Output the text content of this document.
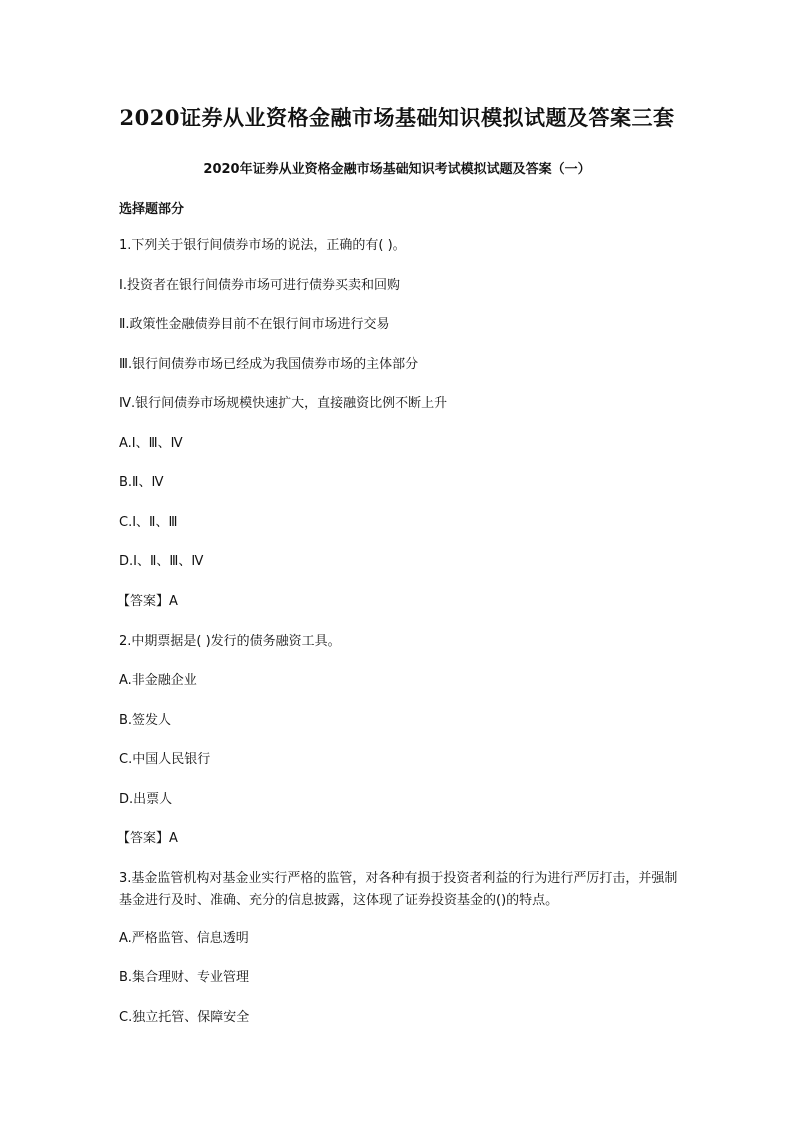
2020证券从业资格金融市场基础知识模拟试题及答案三套
2020年证券从业资格金融市场基础知识考试模拟试题及答案（一）
选择题部分

1.下列关于银行间债券市场的说法，正确的有( )。

Ⅰ.投资者在银行间债券市场可进行债券买卖和回购

Ⅱ.政策性金融债券目前不在银行间市场进行交易

Ⅲ.银行间债券市场已经成为我国债券市场的主体部分

Ⅳ.银行间债券市场规模快速扩大，直接融资比例不断上升

A.Ⅰ、Ⅲ、Ⅳ

B.Ⅱ、Ⅳ

C.Ⅰ、Ⅱ、Ⅲ

D.Ⅰ、Ⅱ、Ⅲ、Ⅳ

【答案】A

2.中期票据是( )发行的债务融资工具。

A.非金融企业

B.签发人

C.中国人民银行

D.出票人

【答案】A

3.基金监管机构对基金业实行严格的监管，对各种有损于投资者利益的行为进行严厉打击，并强制基金进行及时、准确、充分的信息披露，这体现了证券投资基金的()的特点。

A.严格监管、信息透明

B.集合理财、专业管理

C.独立托管、保障安全
